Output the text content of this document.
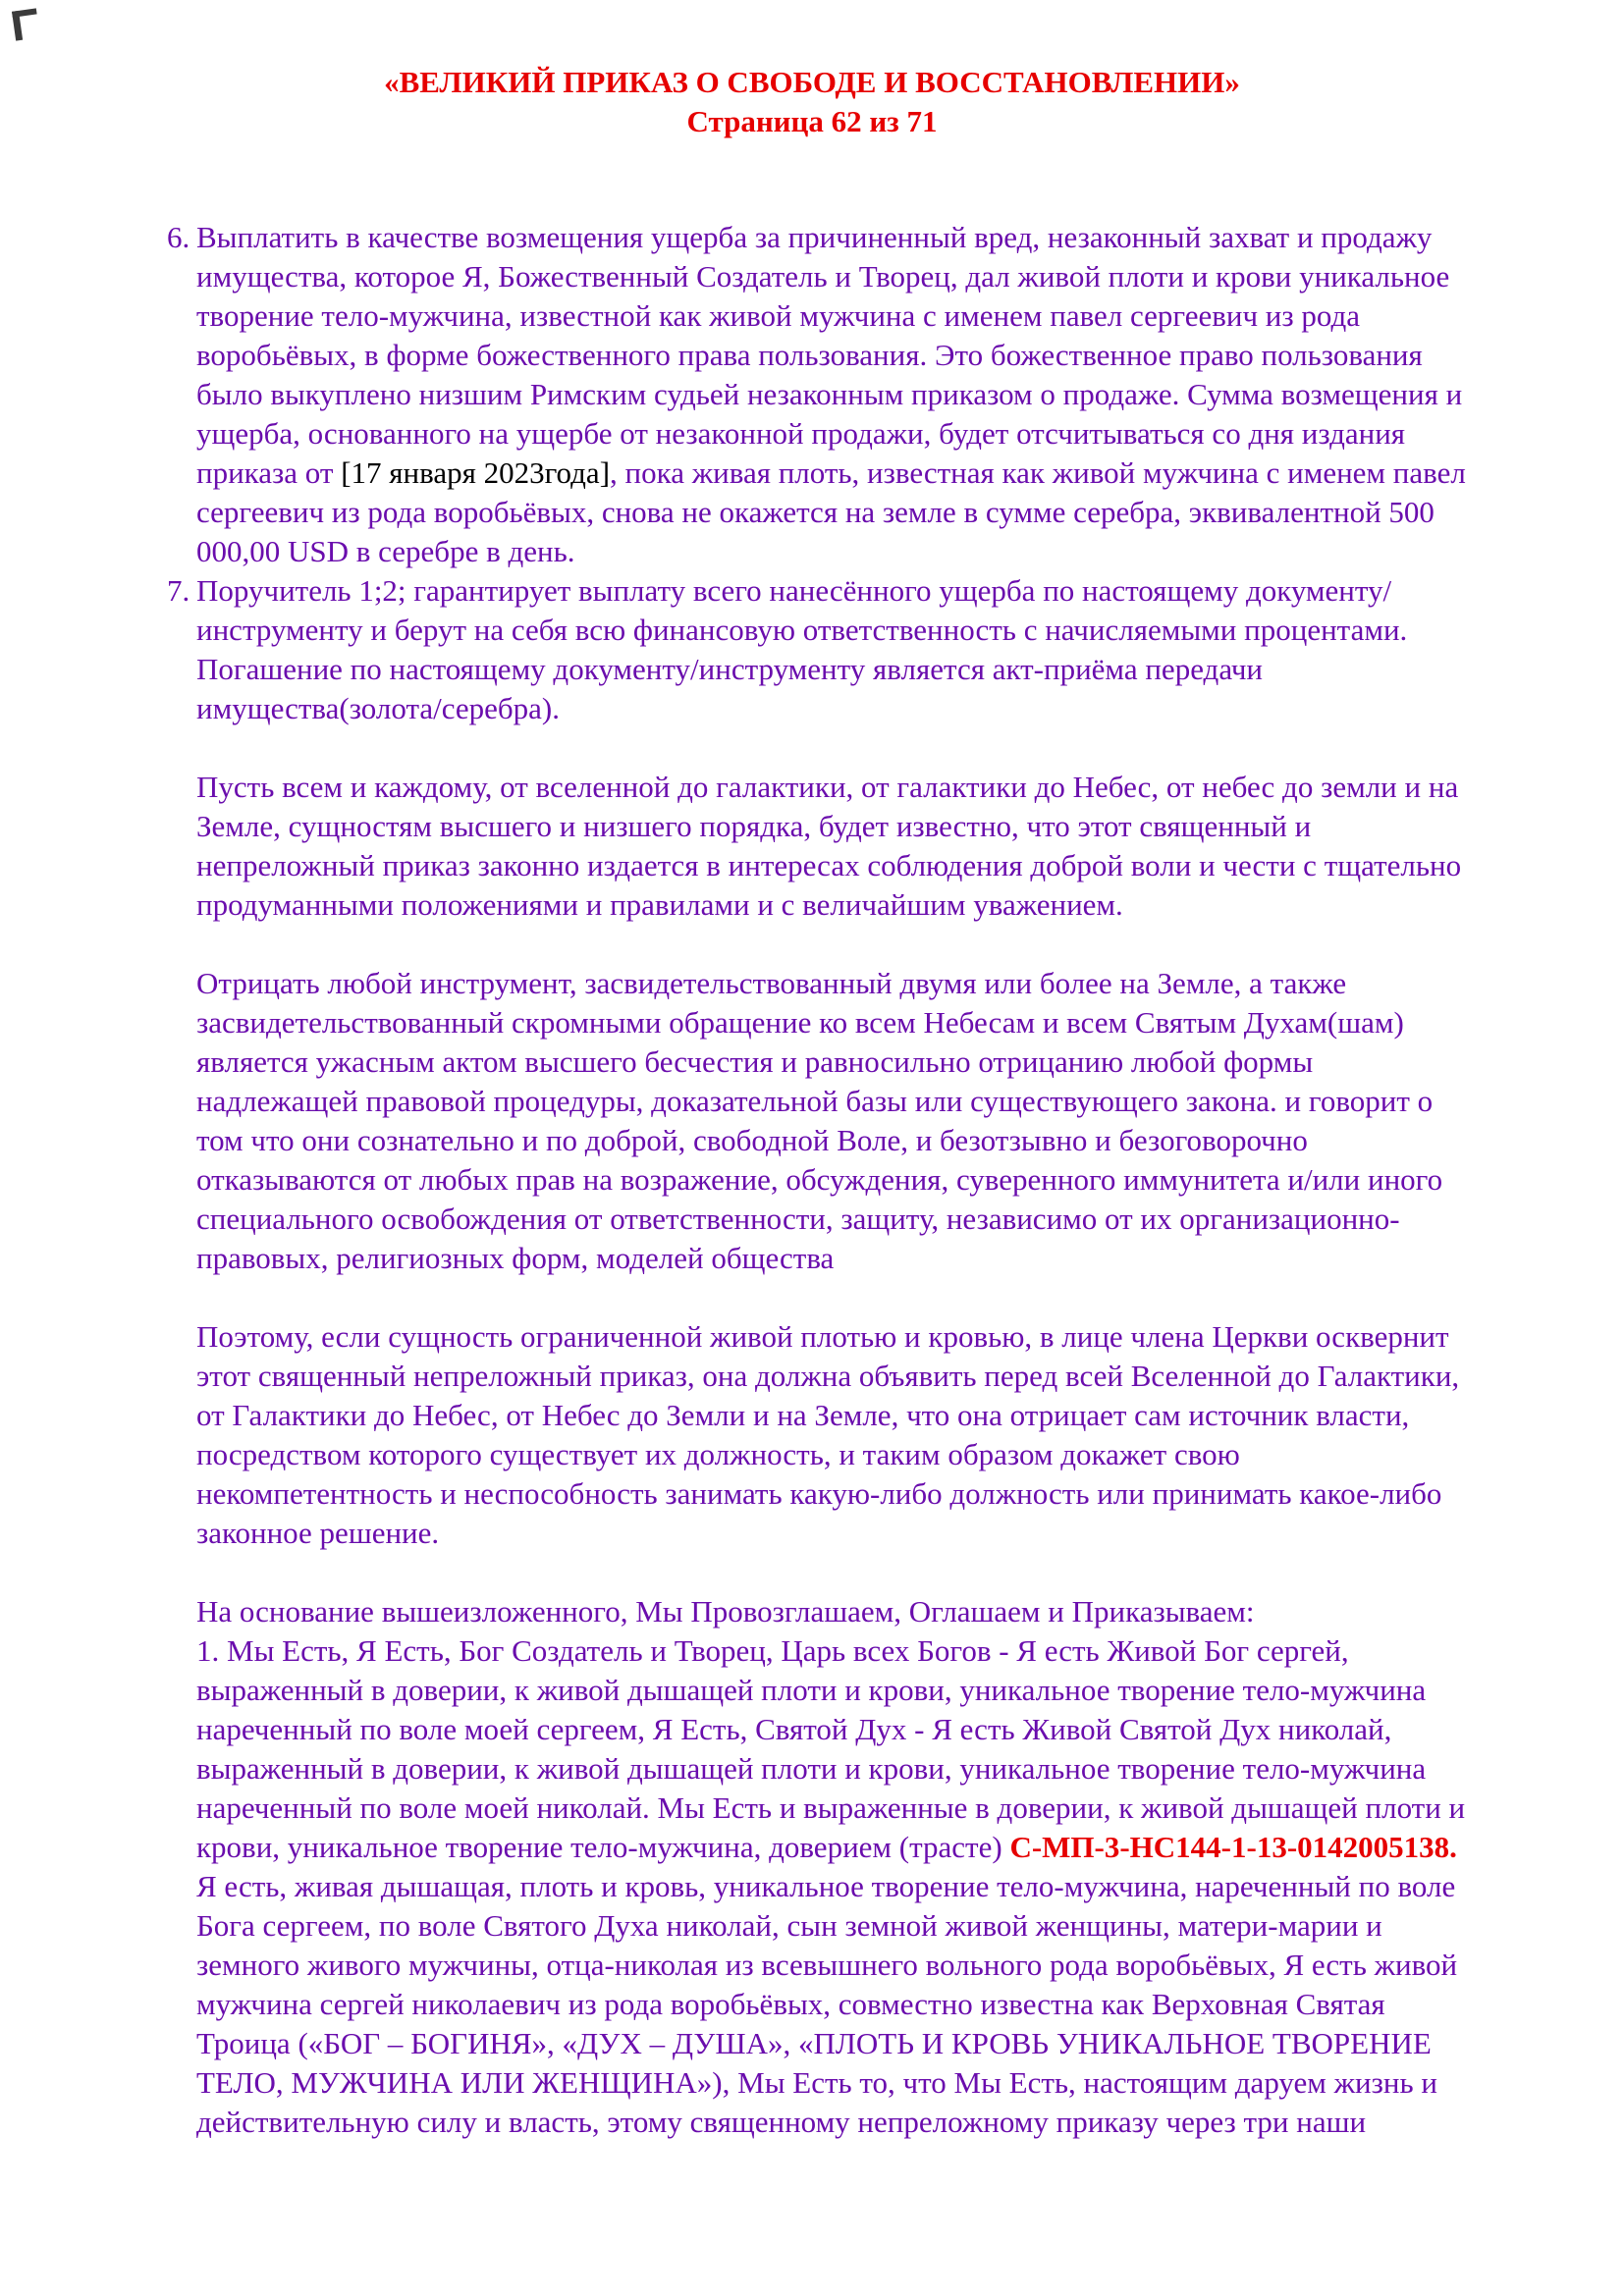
«ВЕЛИКИЙ ПРИКАЗ О СВОБОДЕ И ВОССТАНОВЛЕНИИ»
Страница 62 из 71

6. Выплатить в качестве возмещения ущерба за причиненный вред, незаконный захват и продажу имущества, которое Я, Божественный Создатель и Творец, дал живой плоти и крови уникальное творение тело-мужчина, известной как живой мужчина с именем павел сергеевич из рода воробьёвых, в форме божественного права пользования. Это божественное право пользования было выкуплено низшим Римским судьей незаконным приказом о продаже. Сумма возмещения и ущерба, основанного на ущербе от незаконной продажи, будет отсчитываться со дня издания приказа от [17 января 2023года], пока живая плоть, известная как живой мужчина с именем павел сергеевич из рода воробьёвых, снова не окажется на земле в сумме серебра, эквивалентной 500 000,00 USD в серебре в день.

7. Поручитель 1;2; гарантирует выплату всего нанесённого ущерба по настоящему документу/инструменту и берут на себя всю финансовую ответственность с начисляемыми процентами. Погашение по настоящему документу/инструменту является акт-приёма передачи имущества(золота/серебра).

Пусть всем и каждому, от вселенной до галактики, от галактики до Небес, от небес до земли и на Земле, сущностям высшего и низшего порядка, будет известно, что этот священный и непреложный приказ законно издается в интересах соблюдения доброй воли и чести с тщательно продуманными положениями и правилами и с величайшим уважением.

Отрицать любой инструмент, засвидетельствованный двумя или более на Земле, а также засвидетельствованный скромными обращение ко всем Небесам и всем Святым Духам(шам) является ужасным актом высшего бесчестия и равносильно отрицанию любой формы надлежащей правовой процедуры, доказательной базы или существующего закона. и говорит о том что они сознательно и по доброй, свободной Воле, и безотзывно и безоговорочно отказываются от любых прав на возражение, обсуждения, суверенного иммунитета и/или иного специального освобождения от ответственности, защиту, независимо от их организационно-правовых, религиозных форм, моделей общества

Поэтому, если сущность ограниченной живой плотью и кровью, в лице члена Церкви осквернит этот священный непреложный приказ, она должна объявить перед всей Вселенной до Галактики, от Галактики до Небес, от Небес до Земли и на Земле, что она отрицает сам источник власти, посредством которого существует их должность, и таким образом докажет свою некомпетентность и неспособность занимать какую-либо должность или принимать какое-либо законное решение.

На основание вышеизложенного, Мы Провозглашаем, Оглашаем и Приказываем:

1. Мы Есть, Я Есть, Бог Создатель и Творец, Царь всех Богов - Я есть Живой Бог сергей, выраженный в доверии, к живой дышащей плоти и крови, уникальное творение тело-мужчина нареченный по воле моей сергеем, Я Есть, Святой Дух - Я есть Живой Святой Дух николай, выраженный в доверии, к живой дышащей плоти и крови, уникальное творение тело-мужчина нареченный по воле моей николай. Мы Есть и выраженные в доверии, к живой дышащей плоти и крови, уникальное творение тело-мужчина, доверием (трасте) С-МП-3-НС144-1-13-0142005138. Я есть, живая дышащая, плоть и кровь, уникальное творение тело-мужчина, нареченный по воле Бога сергеем, по воле Святого Духа николай, сын земной живой женщины, матери-марии и земного живого мужчины, отца-николая из всевышнего вольного рода воробьёвых, Я есть живой мужчина сергей николаевич из рода воробьёвых, совместно известна как Верховная Святая Троица («БОГ – БОГИНЯ», «ДУХ – ДУША», «ПЛОТЬ И КРОВЬ УНИКАЛЬНОЕ ТВОРЕНИЕ ТЕЛО, МУЖЧИНА ИЛИ ЖЕНЩИНА»), Мы Есть то, что Мы Есть, настоящим даруем жизнь и действительную силу и власть, этому священному непреложному приказу через три наши
